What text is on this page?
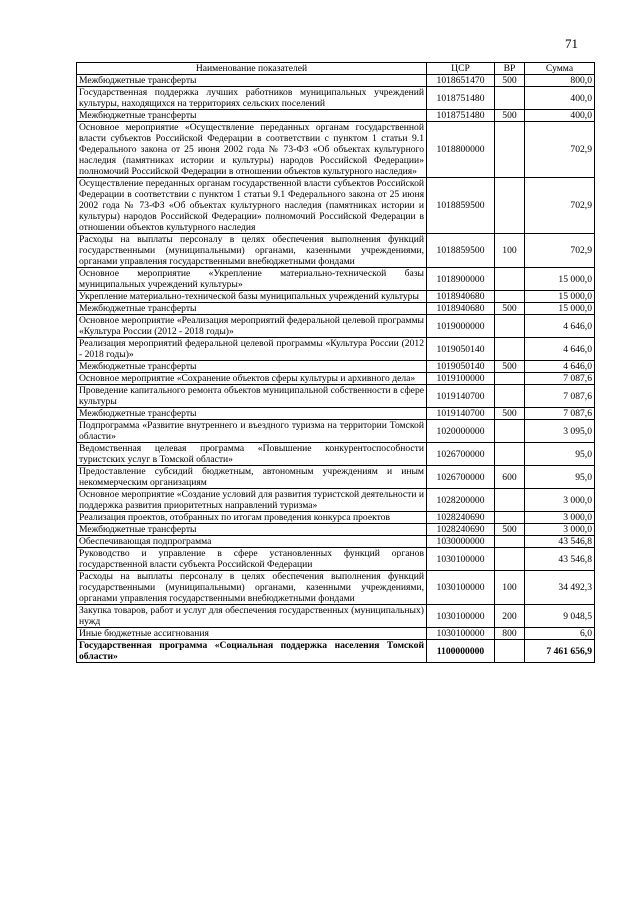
71
Наименование показателей	ЦСР	ВР	Сумма
Межбюджетные трансферты	1018651470	500	800,0
Государственная поддержка лучших работников муниципальных учреждений культуры, находящихся на территориях сельских поселений	1018751480		400,0
Межбюджетные трансферты	1018751480	500	400,0
Основное мероприятие «Осуществление переданных органам государственной власти субъектов Российской Федерации в соответствии с пунктом 1 статьи 9.1 Федерального закона от 25 июня 2002 года № 73-ФЗ «Об объектах культурного наследия (памятниках истории и культуры) народов Российской Федерации» полномочий Российской Федерации в отношении объектов культурного наследия»	1018800000		702,9
Осуществление переданных органам государственной власти субъектов Российской Федерации в соответствии с пунктом 1 статьи 9.1 Федерального закона от 25 июня 2002 года № 73-ФЗ «Об объектах культурного наследия (памятниках истории и культуры) народов Российской Федерации» полномочий Российской Федерации в отношении объектов культурного наследия	1018859500		702,9
Расходы на выплаты персоналу в целях обеспечения выполнения функций государственными (муниципальными) органами, казенными учреждениями, органами управления государственными внебюджетными фондами	1018859500	100	702,9
Основное мероприятие «Укрепление материально-технической базы муниципальных учреждений культуры»	1018900000		15 000,0
Укрепление материально-технической базы муниципальных учреждений культуры	1018940680		15 000,0
Межбюджетные трансферты	1018940680	500	15 000,0
Основное мероприятие «Реализация мероприятий федеральной целевой программы «Культура России (2012 - 2018 годы)»	1019000000		4 646,0
Реализация мероприятий федеральной целевой программы «Культура России (2012 - 2018 годы)»	1019050140		4 646,0
Межбюджетные трансферты	1019050140	500	4 646,0
Основное мероприятие «Сохранение объектов сферы культуры и архивного дела»	1019100000		7 087,6
Проведение капитального ремонта объектов муниципальной собственности в сфере культуры	1019140700		7 087,6
Межбюджетные трансферты	1019140700	500	7 087,6
Подпрограмма «Развитие внутреннего и въездного туризма на территории Томской области»	1020000000		3 095,0
Ведомственная целевая программа «Повышение конкурентоспособности туристских услуг в Томской области»	1026700000		95,0
Предоставление субсидий бюджетным, автономным учреждениям и иным некоммерческим организациям	1026700000	600	95,0
Основное мероприятие «Создание условий для развития туристской деятельности и поддержка развития приоритетных направлений туризма»	1028200000		3 000,0
Реализация проектов, отобранных по итогам проведения конкурса проектов	1028240690		3 000,0
Межбюджетные трансферты	1028240690	500	3 000,0
Обеспечивающая подпрограмма	1030000000		43 546,8
Руководство и управление в сфере установленных функций органов государственной власти субъекта Российской Федерации	1030100000		43 546,8
Расходы на выплаты персоналу в целях обеспечения выполнения функций государственными (муниципальными) органами, казенными учреждениями, органами управления государственными внебюджетными фондами	1030100000	100	34 492,3
Закупка товаров, работ и услуг для обеспечения государственных (муниципальных) нужд	1030100000	200	9 048,5
Иные бюджетные ассигнования	1030100000	800	6,0
Государственная программа «Социальная поддержка населения Томской области»	1100000000		7 461 656,9
